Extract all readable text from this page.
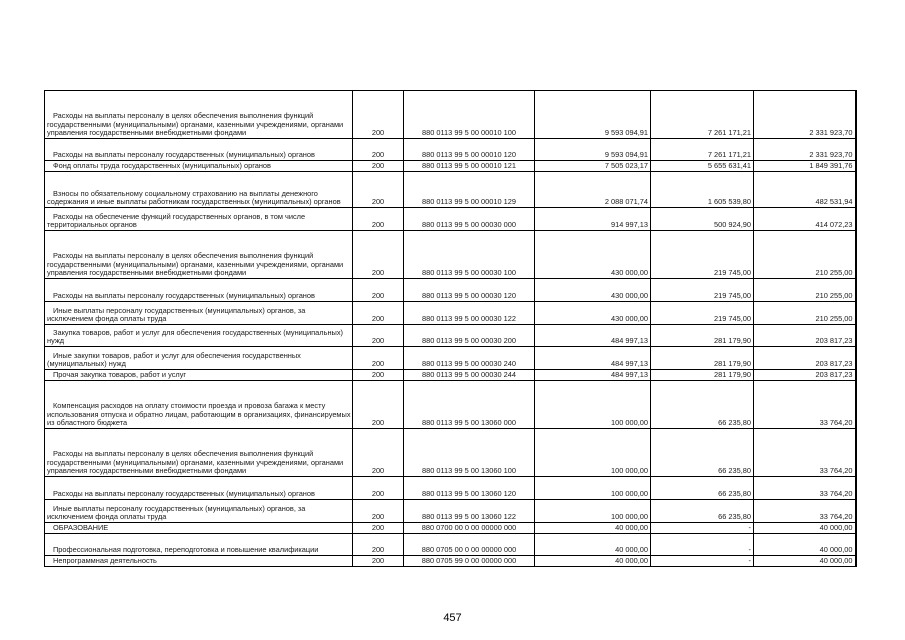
Расходы на выплаты персоналу в целях обеспечения выполнения функций государственными (муниципальными) органами, казенными учреждениями, органами управления государственными внебюджетными фондами	200	880 0113 99 5 00 00010 100	9 593 094,91	7 261 171,21	2 331 923,70
Расходы на выплаты персоналу государственных (муниципальных) органов	200	880 0113 99 5 00 00010 120	9 593 094,91	7 261 171,21	2 331 923,70
Фонд оплаты труда государственных (муниципальных) органов	200	880 0113 99 5 00 00010 121	7 505 023,17	5 655 631,41	1 849 391,76
Взносы по обязательному социальному страхованию на выплаты денежного содержания и иные выплаты работникам государственных (муниципальных) органов	200	880 0113 99 5 00 00010 129	2 088 071,74	1 605 539,80	482 531,94
Расходы на обеспечение функций государственных органов, в том числе территориальных органов	200	880 0113 99 5 00 00030 000	914 997,13	500 924,90	414 072,23
Расходы на выплаты персоналу в целях обеспечения выполнения функций государственными (муниципальными) органами, казенными учреждениями, органами управления государственными внебюджетными фондами	200	880 0113 99 5 00 00030 100	430 000,00	219 745,00	210 255,00
Расходы на выплаты персоналу государственных (муниципальных) органов	200	880 0113 99 5 00 00030 120	430 000,00	219 745,00	210 255,00
Иные выплаты персоналу государственных (муниципальных) органов, за исключением фонда оплаты труда	200	880 0113 99 5 00 00030 122	430 000,00	219 745,00	210 255,00
Закупка товаров, работ и услуг для обеспечения государственных (муниципальных) нужд	200	880 0113 99 5 00 00030 200	484 997,13	281 179,90	203 817,23
Иные закупки товаров, работ и услуг для обеспечения государственных (муниципальных) нужд	200	880 0113 99 5 00 00030 240	484 997,13	281 179,90	203 817,23
Прочая закупка товаров, работ и услуг	200	880 0113 99 5 00 00030 244	484 997,13	281 179,90	203 817,23
Компенсация расходов на оплату стоимости проезда и провоза багажа к месту использования отпуска и обратно лицам, работающим в организациях, финансируемых из областного бюджета	200	880 0113 99 5 00 13060 000	100 000,00	66 235,80	33 764,20
Расходы на выплаты персоналу в целях обеспечения выполнения функций государственными (муниципальными) органами, казенными учреждениями, органами управления государственными внебюджетными фондами	200	880 0113 99 5 00 13060 100	100 000,00	66 235,80	33 764,20
Расходы на выплаты персоналу государственных (муниципальных) органов	200	880 0113 99 5 00 13060 120	100 000,00	66 235,80	33 764,20
Иные выплаты персоналу государственных (муниципальных) органов, за исключением фонда оплаты труда	200	880 0113 99 5 00 13060 122	100 000,00	66 235,80	33 764,20
ОБРАЗОВАНИЕ	200	880 0700 00 0 00 00000 000	40 000,00	-	40 000,00
Профессиональная подготовка, переподготовка и повышение квалификации	200	880 0705 00 0 00 00000 000	40 000,00	-	40 000,00
Непрограммная деятельность	200	880 0705 99 0 00 00000 000	40 000,00	-	40 000,00
457
